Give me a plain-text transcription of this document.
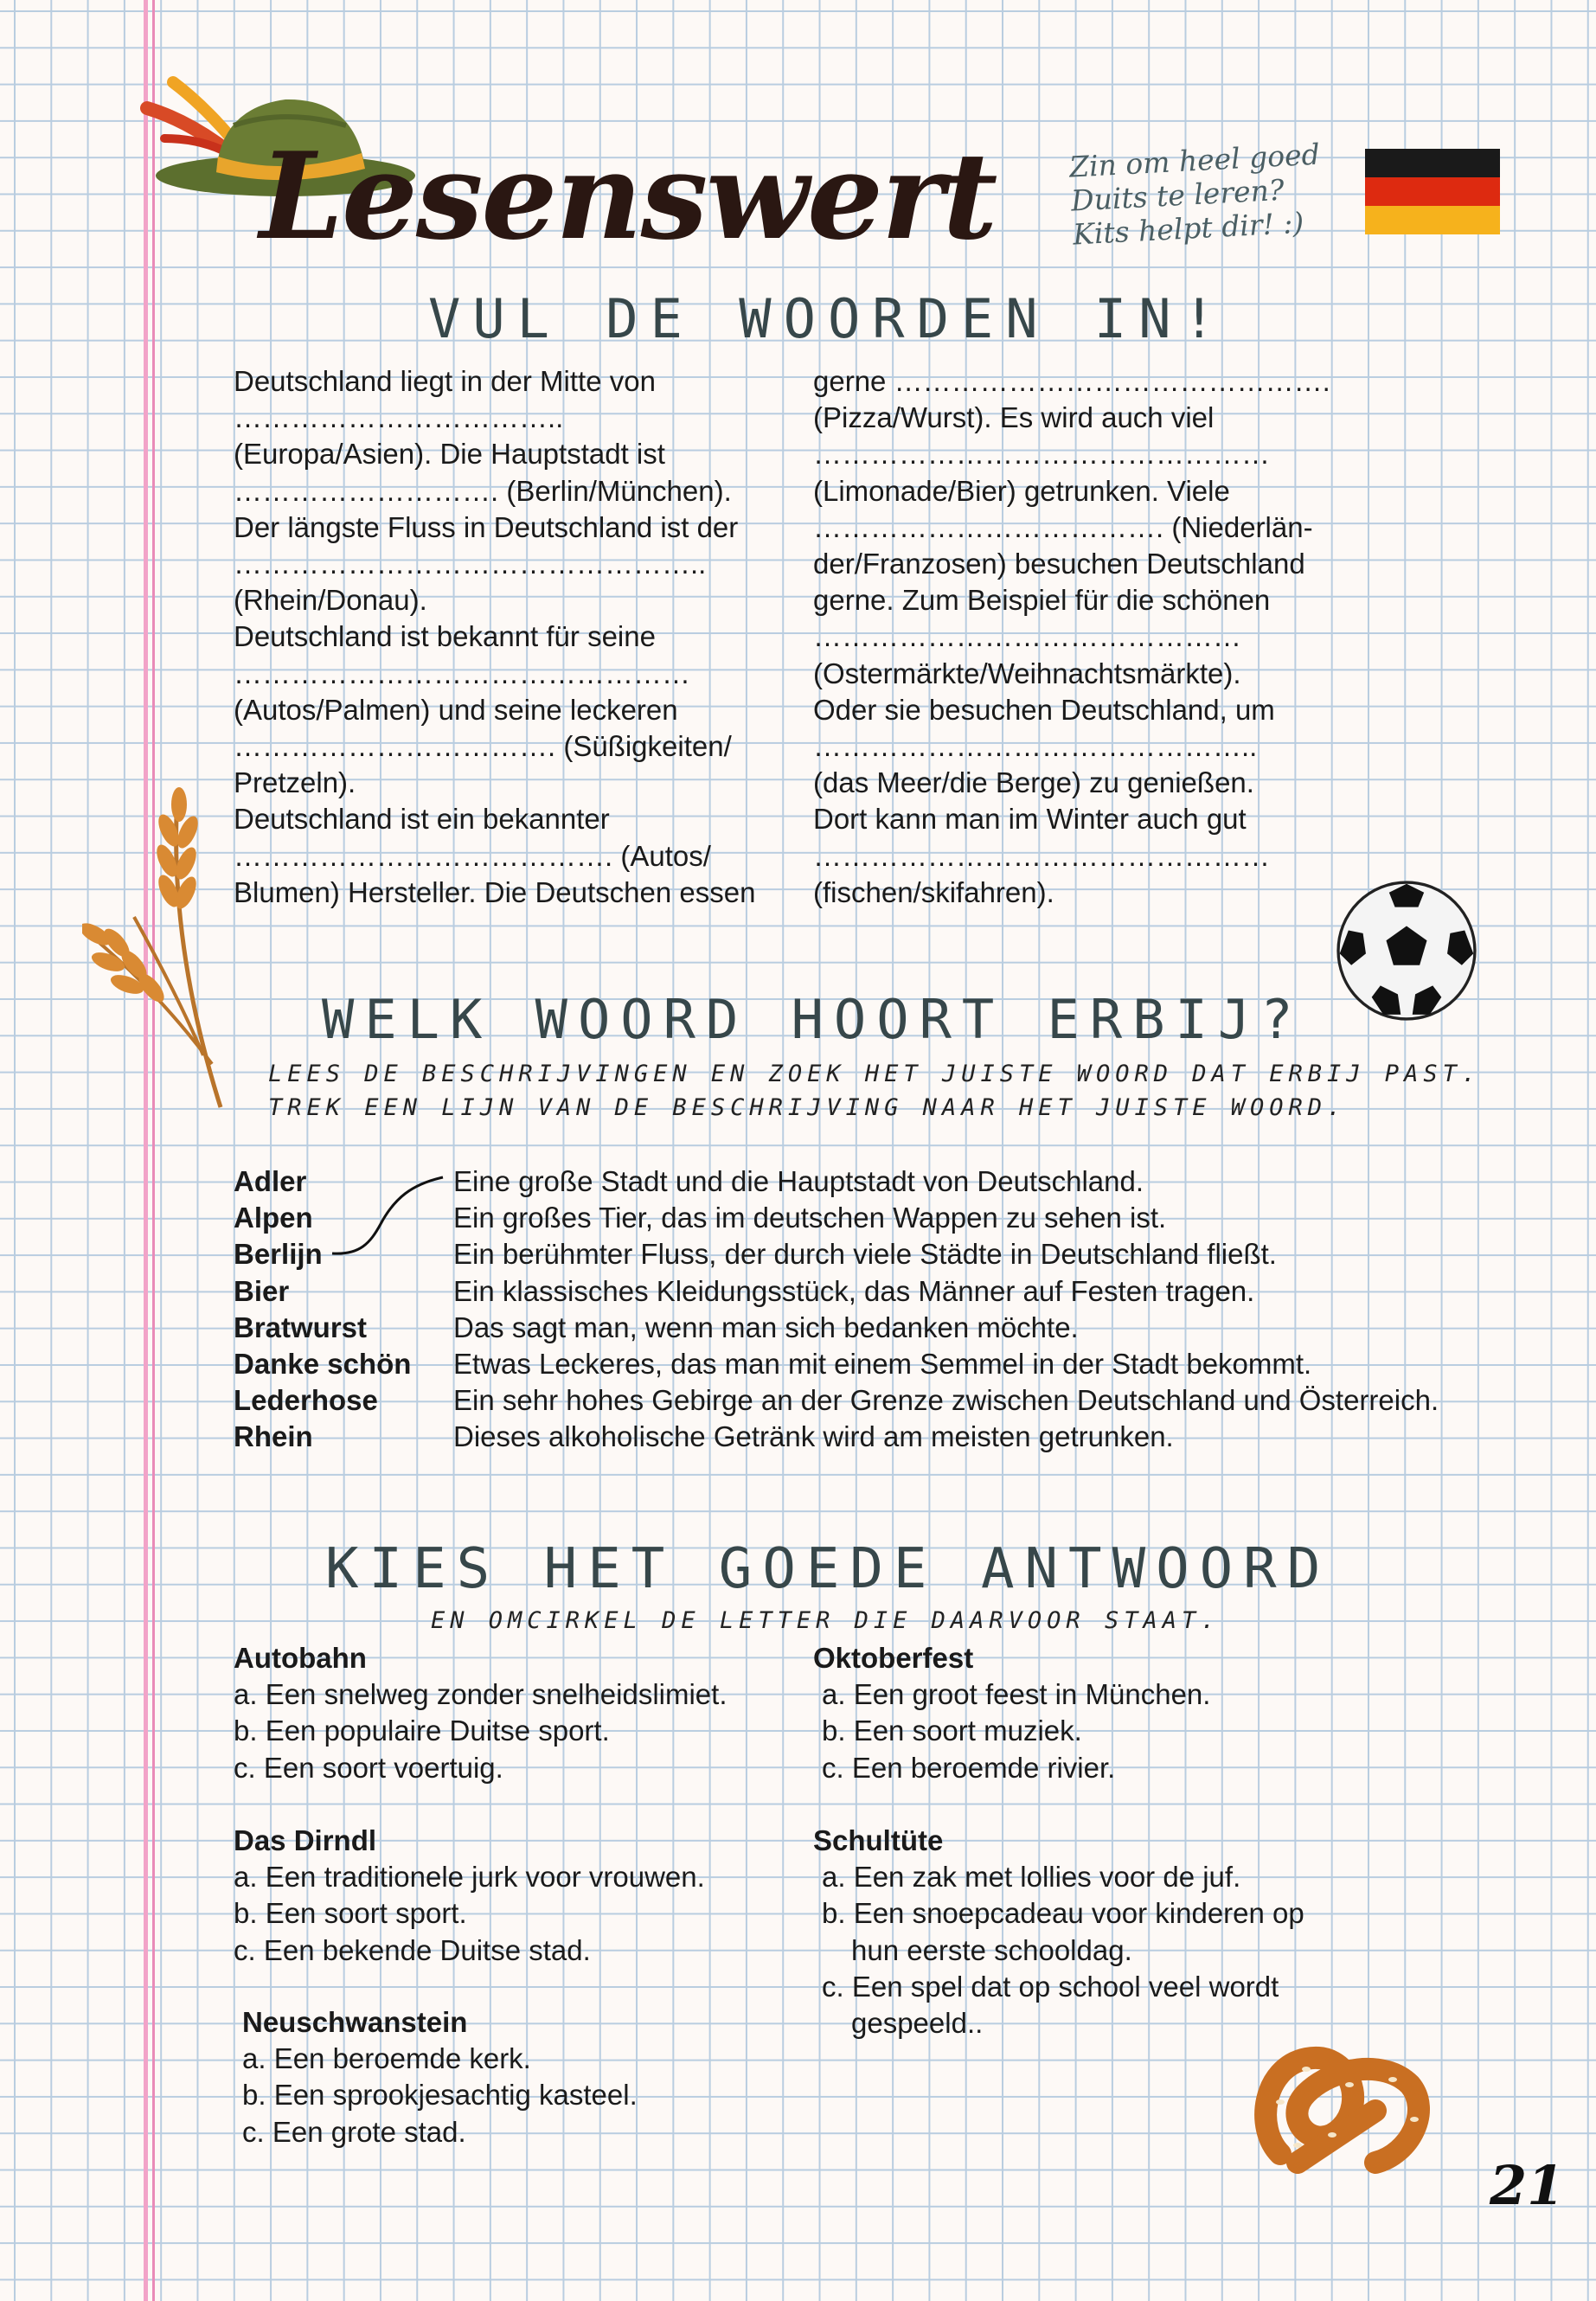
Lesenswert	Zin om heel goed
Duits te leren?
Kits helpt dir! :)
VUL DE WOORDEN IN!

Deutschland liegt in der Mitte von

……………………………..

(Europa/Asien). Die Hauptstadt ist

………………………. (Berlin/München).

Der längste Fluss in Deutschland ist der

…………………………………………..

(Rhein/Donau).

Deutschland ist bekannt für seine

…………………………………………

(Autos/Palmen) und seine leckeren

……………………………. (Süßigkeiten/

Pretzeln).

Deutschland ist ein bekannter

…………………………………. (Autos/

Blumen) Hersteller. Die Deutschen essen

gerne ……………………………………….

(Pizza/Wurst). Es wird auch viel

…………………………………………

(Limonade/Bier) getrunken. Viele

………………………………. (Niederlän-

der/Franzosen) besuchen Deutschland

gerne. Zum Beispiel für die schönen

………………………………………

(Ostermärkte/Weihnachtsmärkte).

Oder sie besuchen Deutschland, um

………………………………………..

(das Meer/die Berge) zu genießen.

Dort kann man im Winter auch gut

…………………………………………

(fischen/skifahren).

WELK WOORD HOORT ERBIJ?
LEES DE BESCHRIJVINGEN EN ZOEK HET JUISTE WOORD DAT ERBIJ PAST.
TREK EEN LIJN VAN DE BESCHRIJVING NAAR HET JUISTE WOORD.
Adler
Alpen
Berlijn
Bier
Bratwurst
Danke schön
Lederhose
Rhein
Eine große Stadt und die Hauptstadt von Deutschland.
Ein großes Tier, das im deutschen Wappen zu sehen ist.
Ein berühmter Fluss, der durch viele Städte in Deutschland fließt.
Ein klassisches Kleidungsstück, das Männer auf Festen tragen.
Das sagt man, wenn man sich bedanken möchte.
Etwas Leckeres, das man mit einem Semmel in der Stadt bekommt.
Ein sehr hohes Gebirge an der Grenze zwischen Deutschland und Österreich.
Dieses alkoholische Getränk wird am meisten getrunken.
KIES HET GOEDE ANTWOORD
EN OMCIRKEL DE LETTER DIE DAARVOOR STAAT.
Autobahn
a. Een snelweg zonder snelheidslimiet.
b. Een populaire Duitse sport.
c. Een soort voertuig.
Das Dirndl
a. Een traditionele jurk voor vrouwen.
b. Een soort sport.
c. Een bekende Duitse stad.
Neuschwanstein
a. Een beroemde kerk.
b. Een sprookjesachtig kasteel.
c. Een grote stad.
Oktoberfest
a. Een groot feest in München.
b. Een soort muziek.
c. Een beroemde rivier.
Schultüte
a. Een zak met lollies voor de juf.
b. Een snoepcadeau voor kinderen op
hun eerste schooldag.
c. Een spel dat op school veel wordt
gespeeld..
21
